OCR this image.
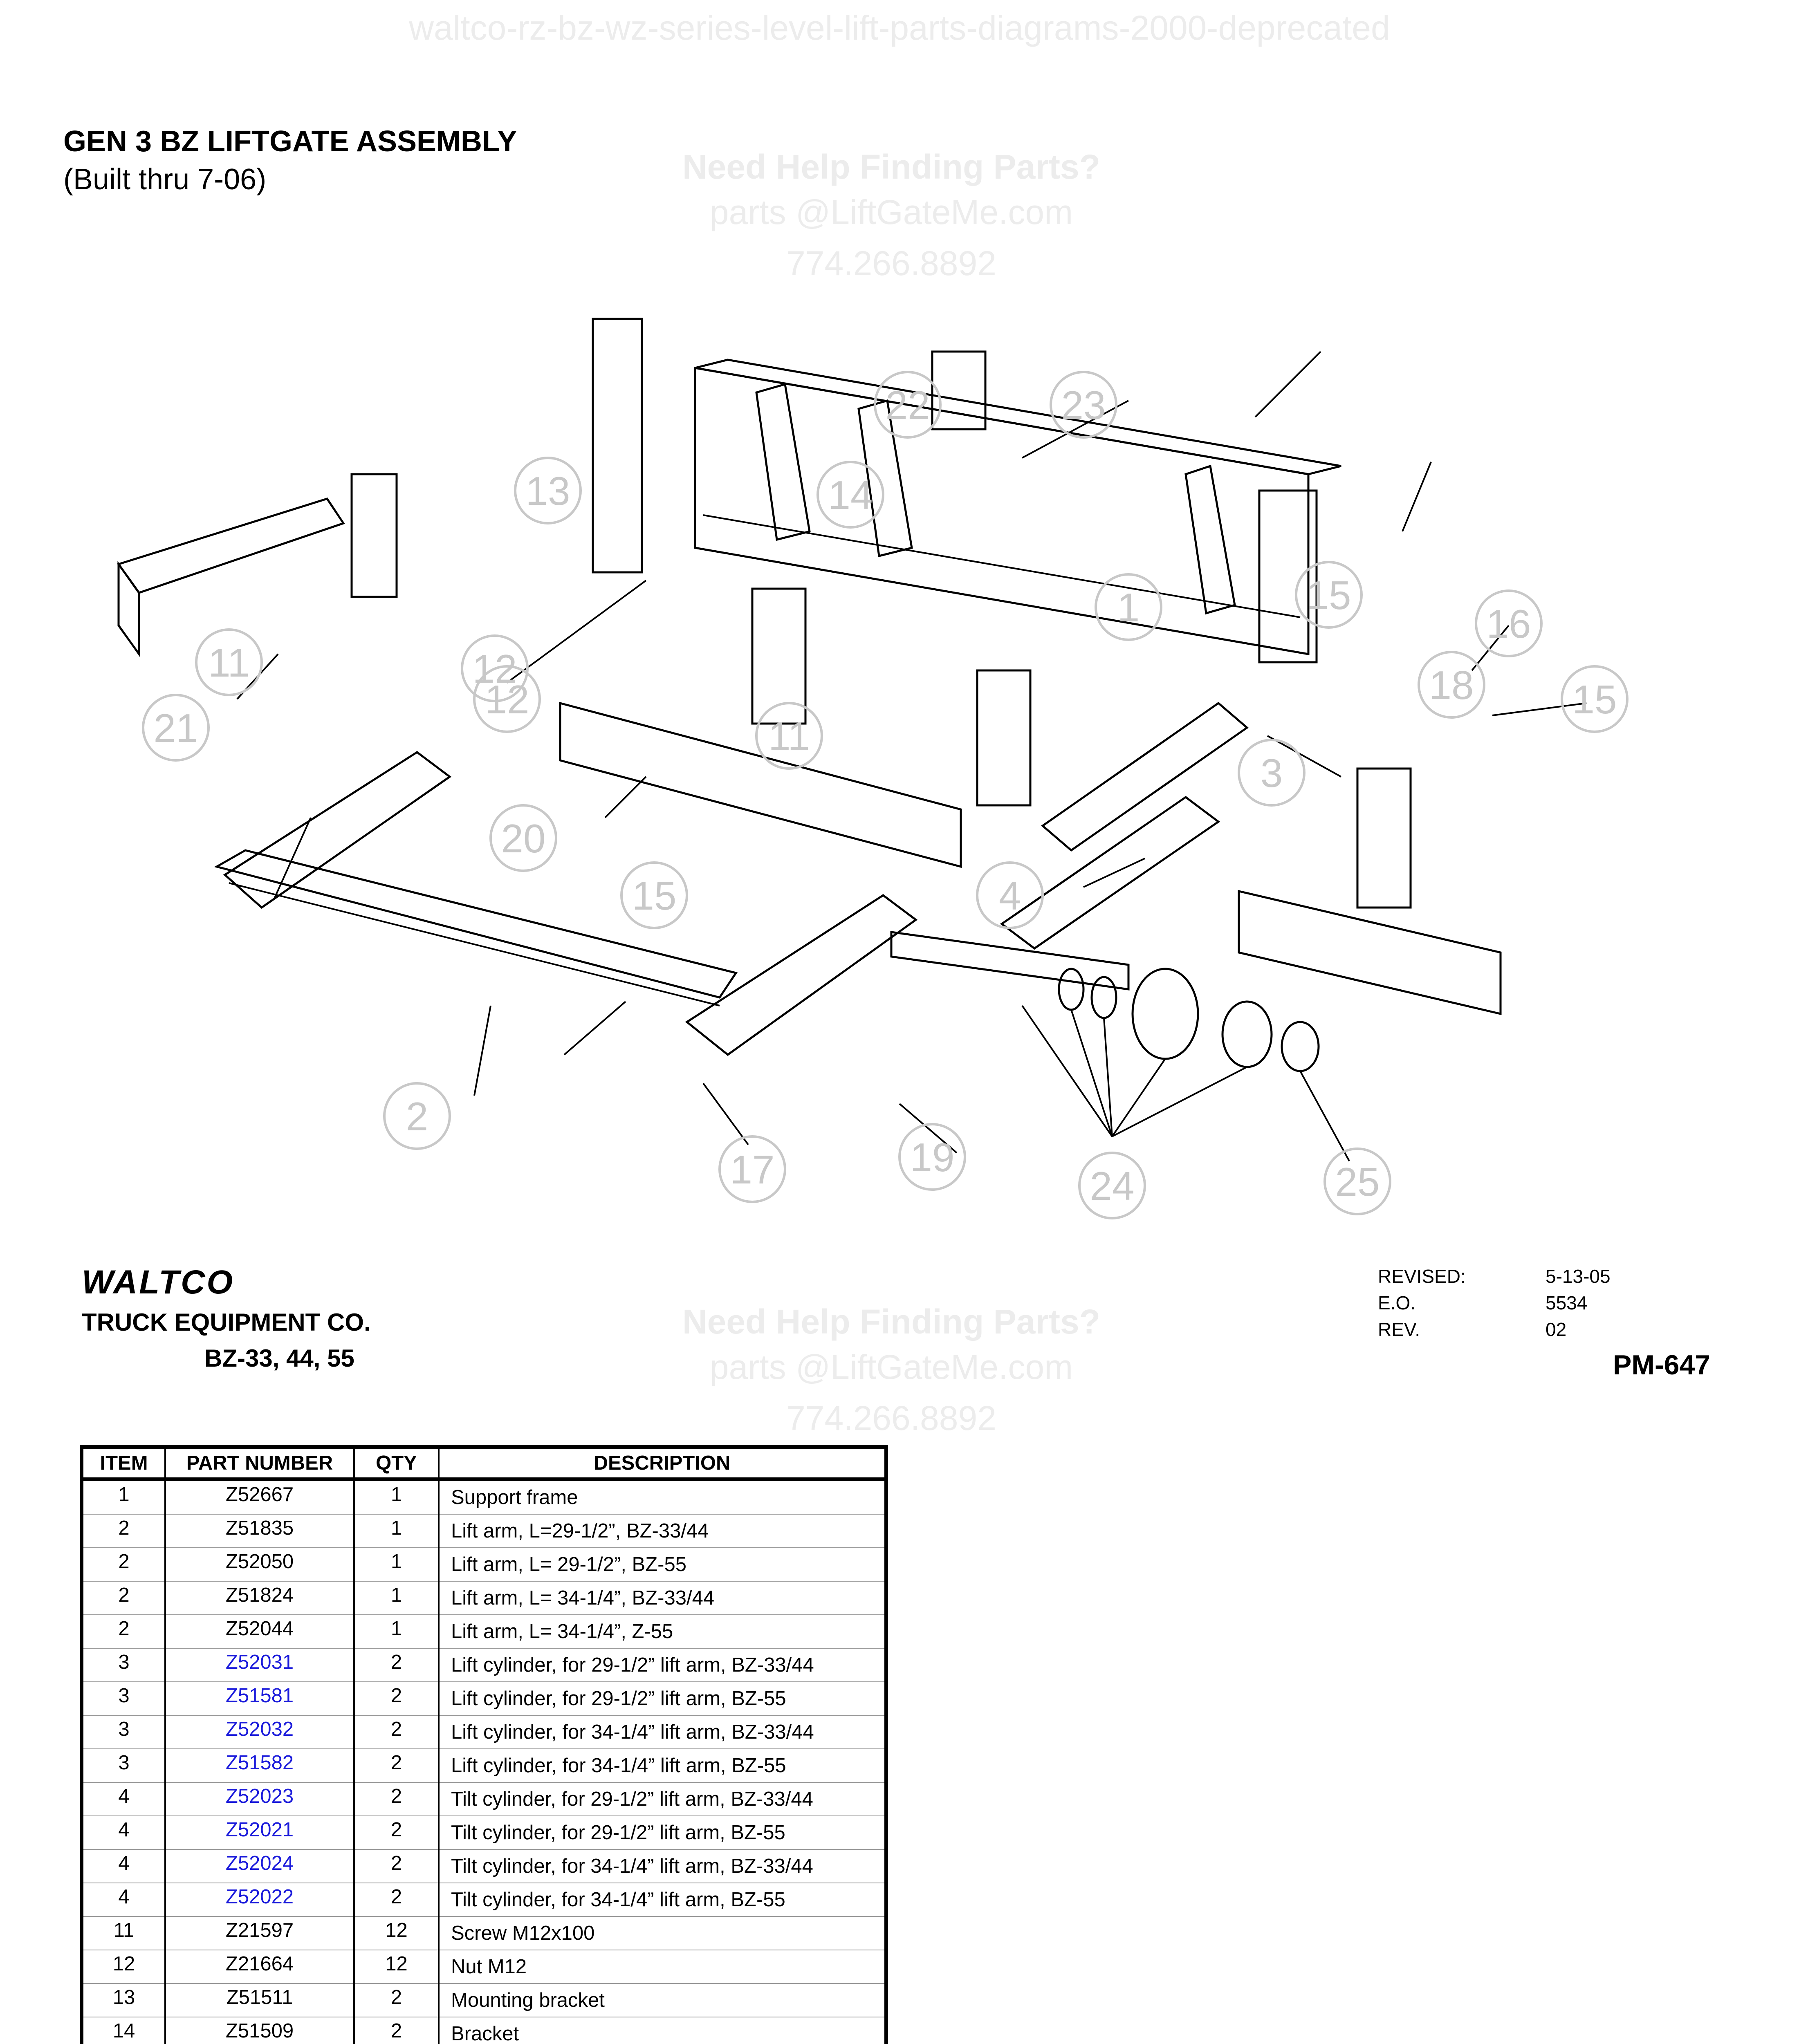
waltco-rz-bz-wz-series-level-lift-parts-diagrams-2000-deprecated
GEN 3 BZ LIFTGATE ASSEMBLY
(Built thru 7-06)
22	23
13	14
1	15
11	12	18
16
15
12
11
3
21
20
4
15
2
19
17	24	25
Need Help Finding Parts?
parts @LiftGateMe.com
774.266.8892
WALTCO
TRUCK EQUIPMENT CO.
BZ-33, 44, 55
Need Help Finding Parts?
parts @LiftGateMe.com
774.266.8892
REVISED:	5-13-05
E.O.	5534
REV.	02
PM-647
ITEM	PART NUMBER	QTY	DESCRIPTION
1	Z52667	1	Support frame
2	Z51835	1	Lift arm, L=29-1/2”, BZ-33/44
2	Z52050	1	Lift arm, L= 29-1/2”, BZ-55
2	Z51824	1	Lift arm, L= 34-1/4”, BZ-33/44
2	Z52044	1	Lift arm, L= 34-1/4”, Z-55
3	Z52031	2	Lift cylinder, for 29-1/2” lift arm, BZ-33/44
3	Z51581	2	Lift cylinder, for 29-1/2” lift arm, BZ-55
3	Z52032	2	Lift cylinder, for 34-1/4” lift arm, BZ-33/44
3	Z51582	2	Lift cylinder, for 34-1/4” lift arm, BZ-55
4	Z52023	2	Tilt cylinder, for 29-1/2” lift arm, BZ-33/44
4	Z52021	2	Tilt cylinder, for 29-1/2” lift arm, BZ-55
4	Z52024	2	Tilt cylinder, for 34-1/4” lift arm, BZ-33/44
4	Z52022	2	Tilt cylinder, for 34-1/4” lift arm, BZ-55
11	Z21597	12	Screw M12x100
12	Z21664	12	Nut M12
13	Z51511	2	Mounting bracket
14	Z51509	2	Bracket
